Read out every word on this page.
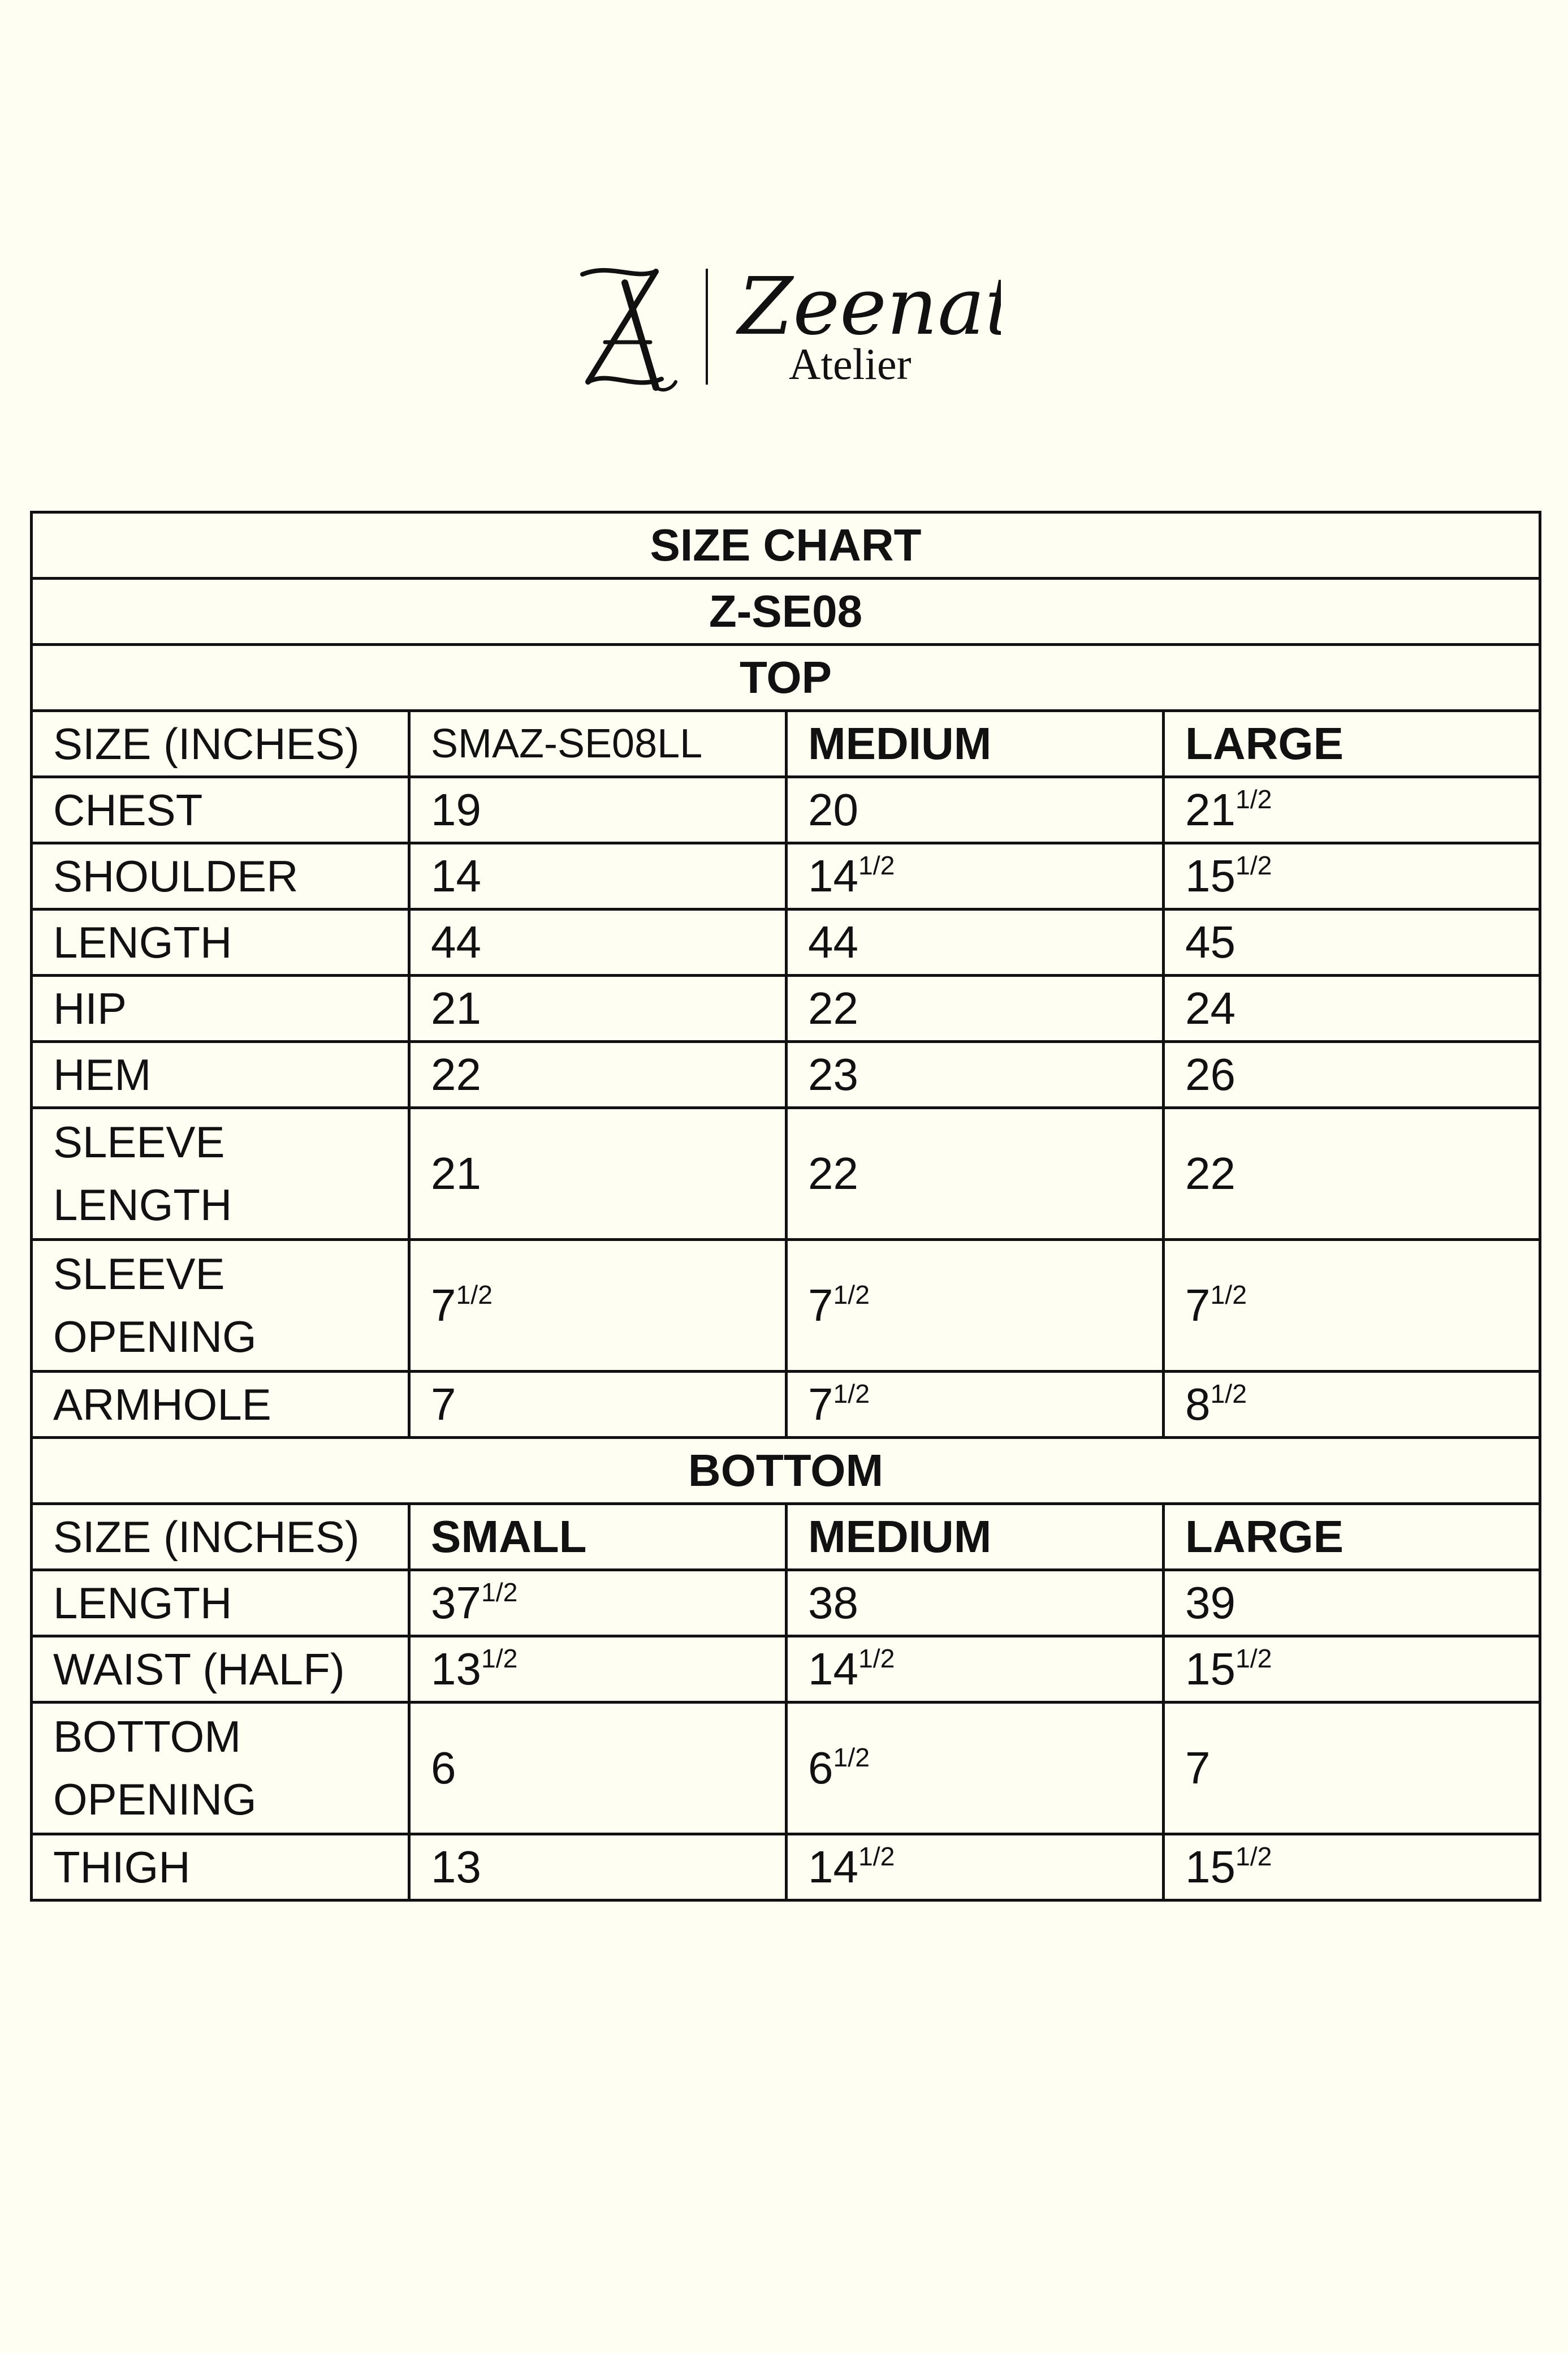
Zeenat
Atelier
SIZE CHART			
Z-SE08			
TOP			
SIZE (INCHES)	SMAZ-SE08LL	MEDIUM	LARGE
CHEST	19	20	$21^{1/2}$
SHOULDER	14	$14^{1/2}$	$15^{1/2}$
LENGTH	44	44	45
HIP	21	22	24
HEM	22	23	26
SLEEVE LENGTH	21	22	22
SLEEVE OPENING	$7^{1/2}$	$7^{1/2}$	$7^{1/2}$
ARMHOLE	7	$7^{1/2}$	$8^{1/2}$
BOTTOM			
SIZE (INCHES)	SMALL	MEDIUM	LARGE
LENGTH	$37^{1/2}$	38	39
WAIST (HALF)	$13^{1/2}$	$14^{1/2}$	$15^{1/2}$
BOTTOM OPENING	6	$6^{1/2}$	7
THIGH	13	$14^{1/2}$	$15^{1/2}$
